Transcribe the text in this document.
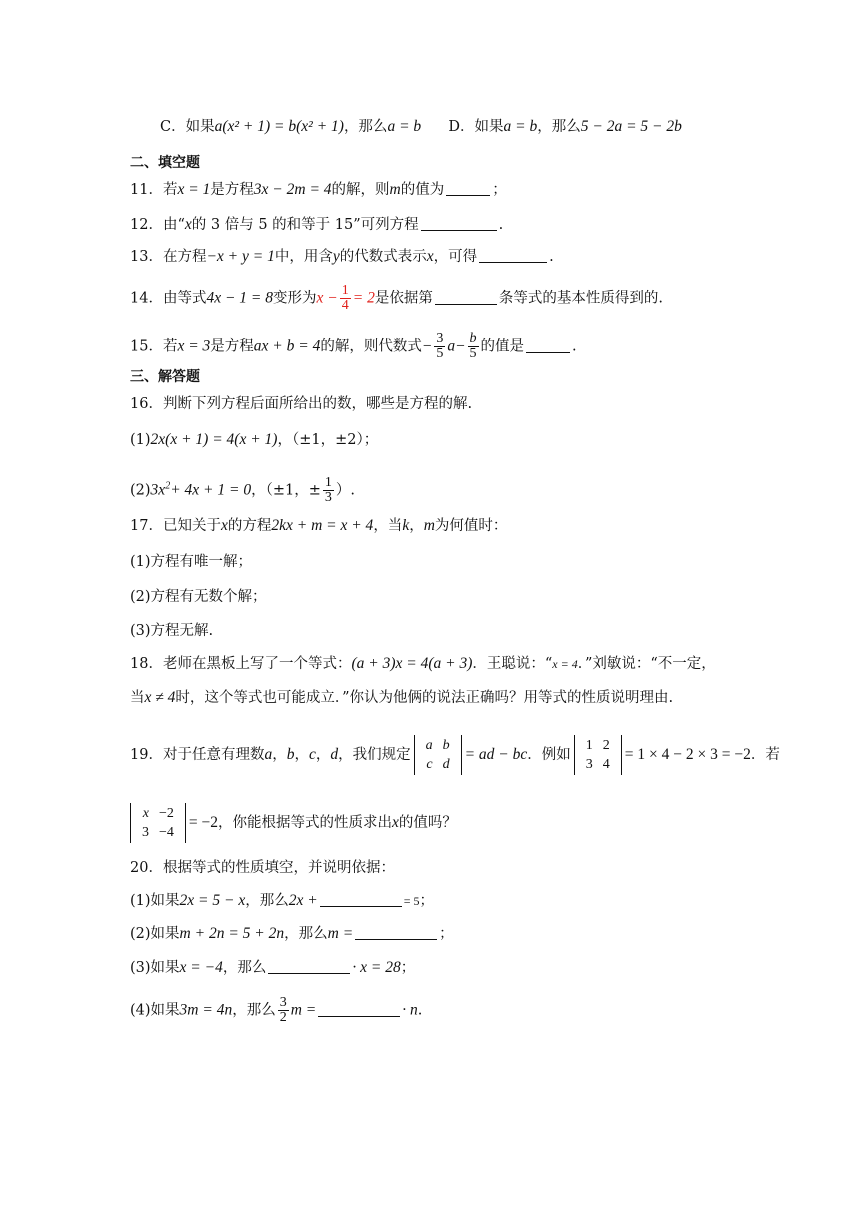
C．如果a(x² + 1) = b(x² + 1)，那么a = b D．如果a = b，那么5 − 2a = 5 − 2b
二、填空题
11．若x = 1是方程3x − 2m = 4的解，则m的值为	；
12．由“x的 3 倍与 5 的和等于 15”可列方程	.
13．在方程−x + y = 1中，用含y的代数式表示x，可得	.
14．由等式4x − 1 = 8变形为$x - \frac{1}{4} = 2$是依据第	条等式的基本性质得到的.
15．若x = 3是方程ax + b = 4的解，则代数式− $\frac{3}{5} a- \frac{b}{5}$ 的值是	.
三、解答题
16．判断下列方程后面所给出的数，哪些是方程的解.
(1)2x(x + 1) = 4(x + 1)，（±1，±2）；
$(2)3x^2+ 4x + 1 = 0$，（±1，± $\frac{1}{3}$ ）.
17．已知关于x的方程2kx + m = x + 4，当k，m为何值时：
(1)方程有唯一解；
(2)方程有无数个解；
(3)方程无解.
18．老师在黑板上写了一个等式：(a + 3)x = 4(a + 3)．王聪说：“x = 4．”刘敏说：“不一定，
当x ≠ 4时，这个等式也可能成立．”你认为他俩的说法正确吗？用等式的性质说明理由.
19．对于任意有理数a，b，c，d，我们规定
a	b
c	d
= ad − bc．例如
1	2
3	4
= 1 × 4 − 2 × 3 = −2．若
x	−2
3	−4
= −2，你能根据等式的性质求出x的值吗？
20．根据等式的性质填空，并说明依据：
(1)如果2x = 5 − x，那么2x +	= 5；
(2)如果m + 2n = 5 + 2n，那么m =	；
(3)如果x = −4，那么	· x = 28；
(4)如果3m = 4n，那么 $\frac{3}{2}$ m =	· n.
